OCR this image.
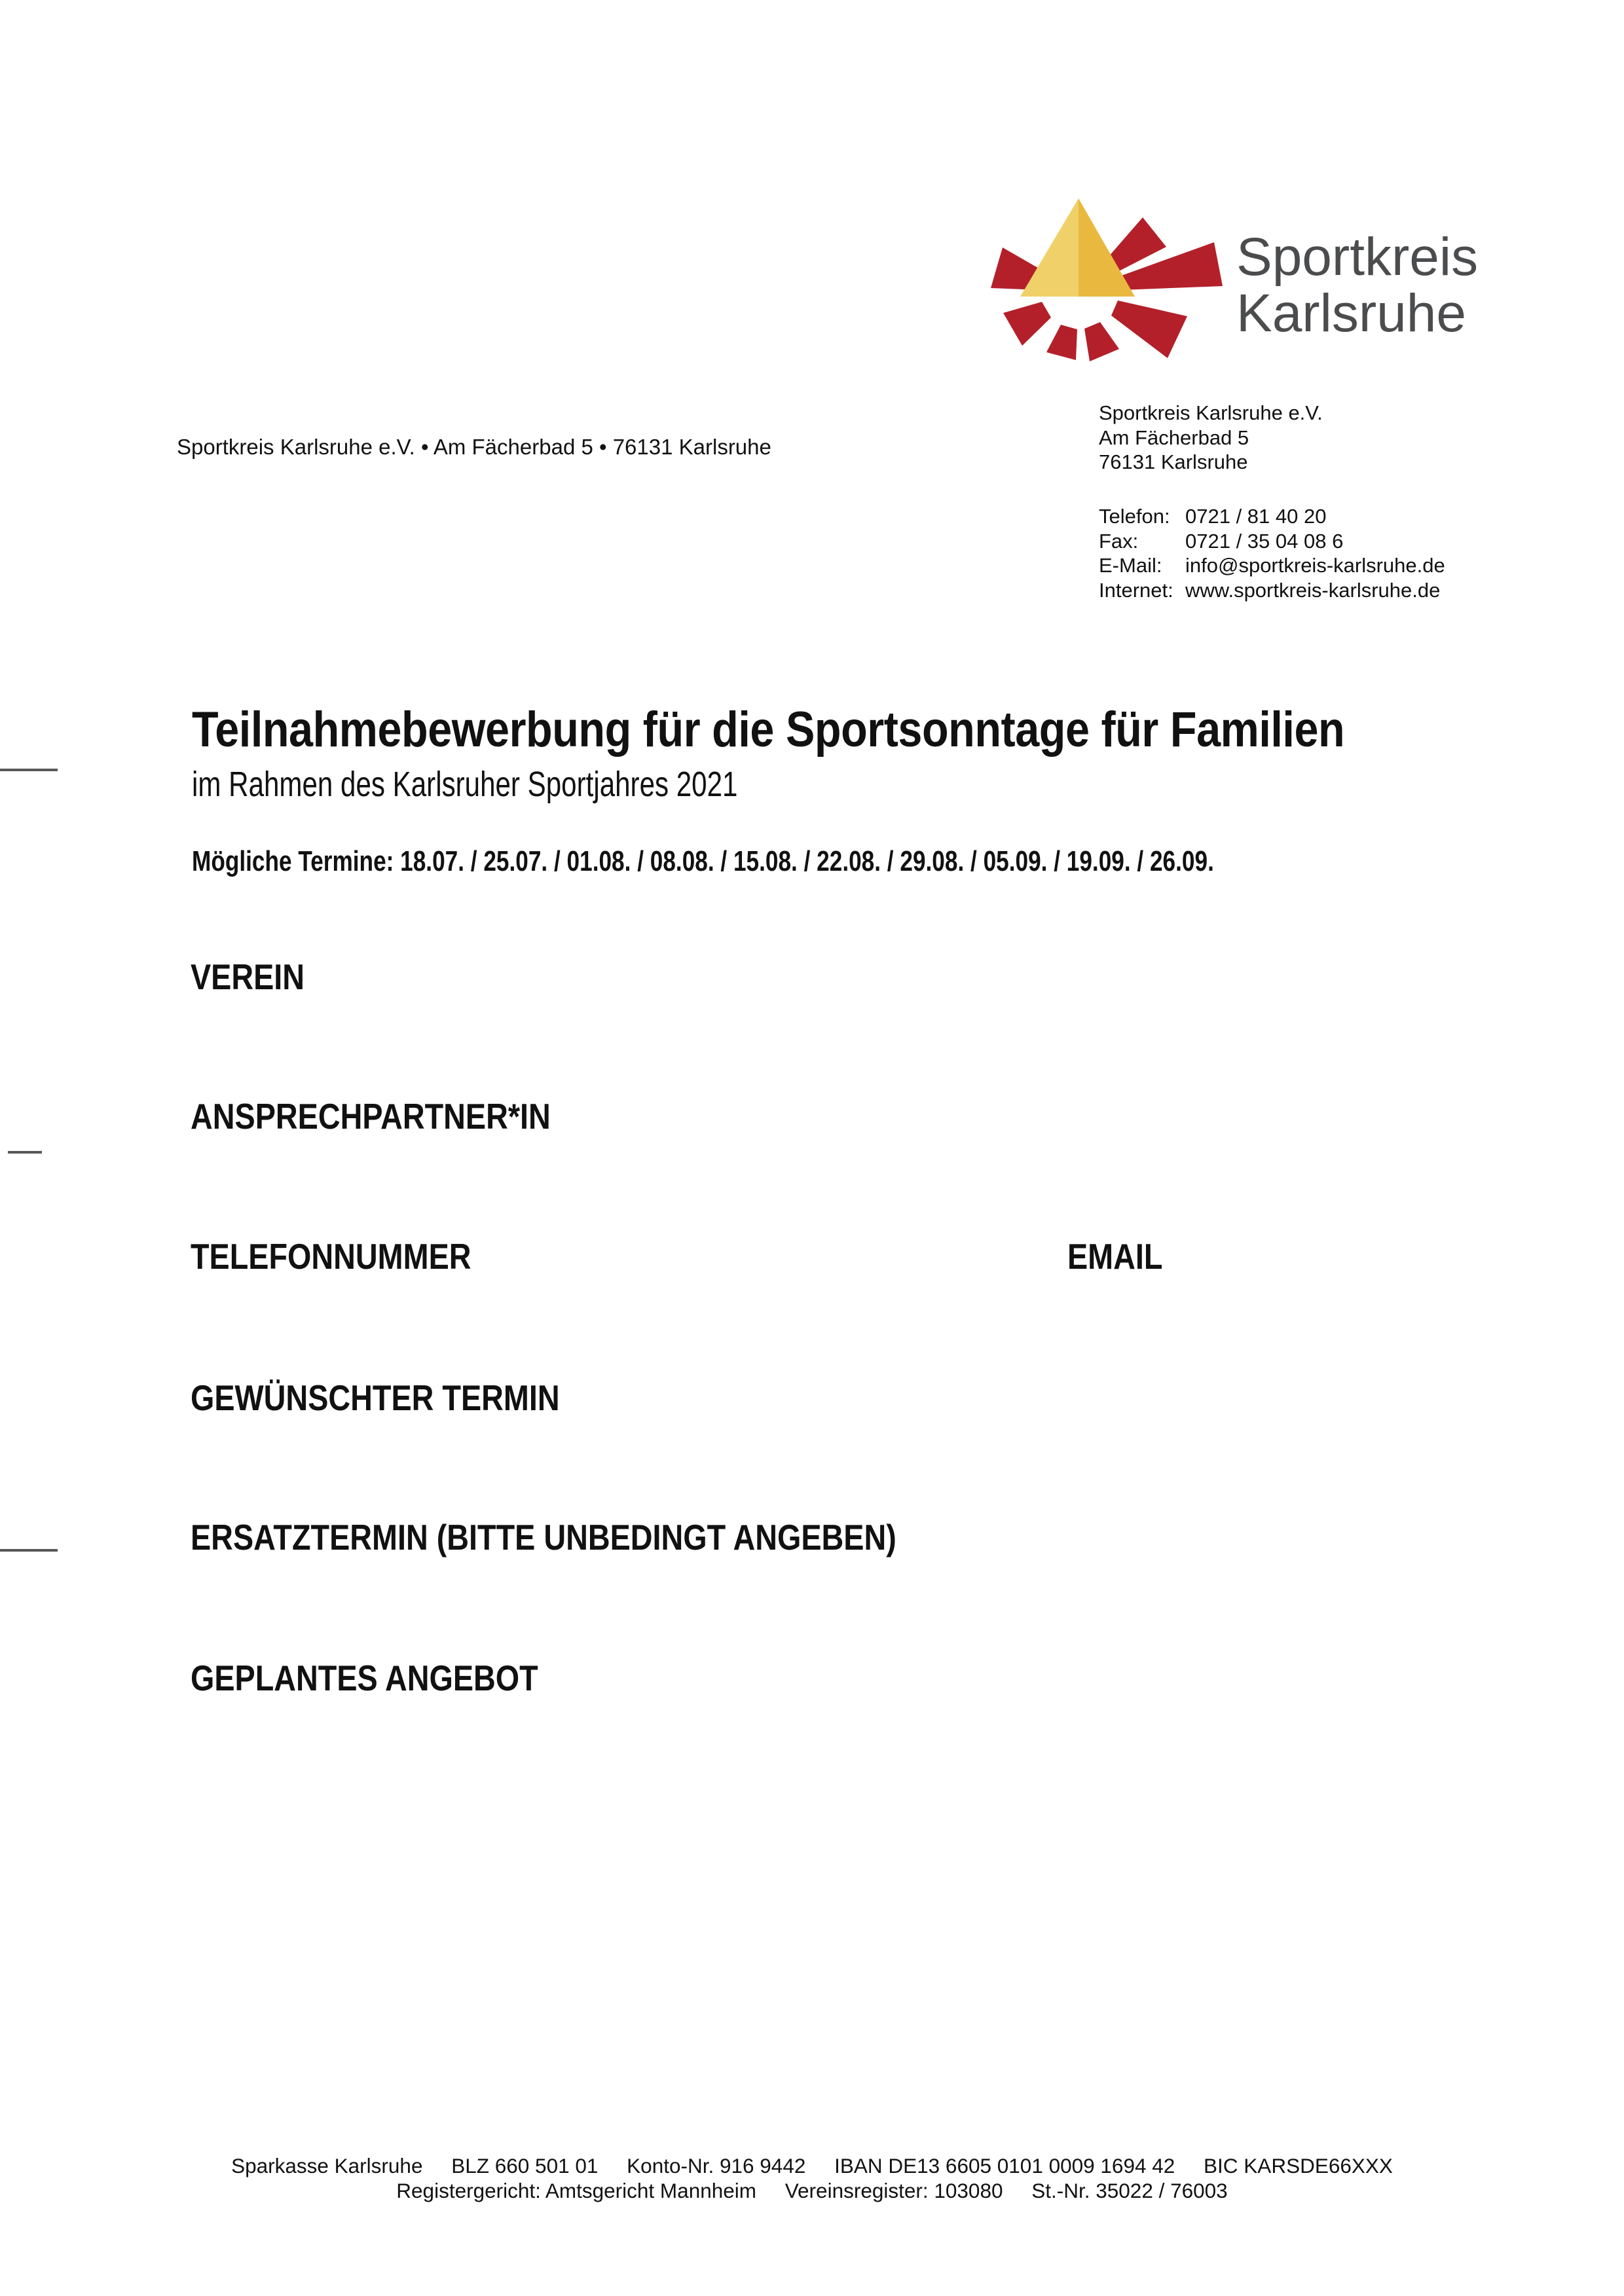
Sportkreis
Karlsruhe
Sportkreis Karlsruhe e.V. • Am Fächerbad 5 • 76131 Karlsruhe
Sportkreis Karlsruhe e.V.
Am Fächerbad 5
76131 Karlsruhe
Telefon: 0721 / 81 40 20
Fax: 0721 / 35 04 08 6
E-Mail: info@sportkreis-karlsruhe.de
Internet: www.sportkreis-karlsruhe.de
Teilnahmebewerbung für die Sportsonntage für Familien
im Rahmen des Karlsruher Sportjahres 2021
Mögliche Termine: 18.07. / 25.07. / 01.08. / 08.08. / 15.08. / 22.08. / 29.08. / 05.09. / 19.09. / 26.09.
VEREIN
ANSPRECHPARTNER*IN
TELEFONNUMMER	EMAIL
GEWÜNSCHTER TERMIN
ERSATZTERMIN (BITTE UNBEDINGT ANGEBEN)
GEPLANTES ANGEBOT
Sparkasse Karlsruhe     BLZ 660 501 01     Konto-Nr. 916 9442     IBAN DE13 6605 0101 0009 1694 42     BIC KARSDE66XXX
Registergericht: Amtsgericht Mannheim     Vereinsregister: 103080     St.-Nr. 35022 / 76003
